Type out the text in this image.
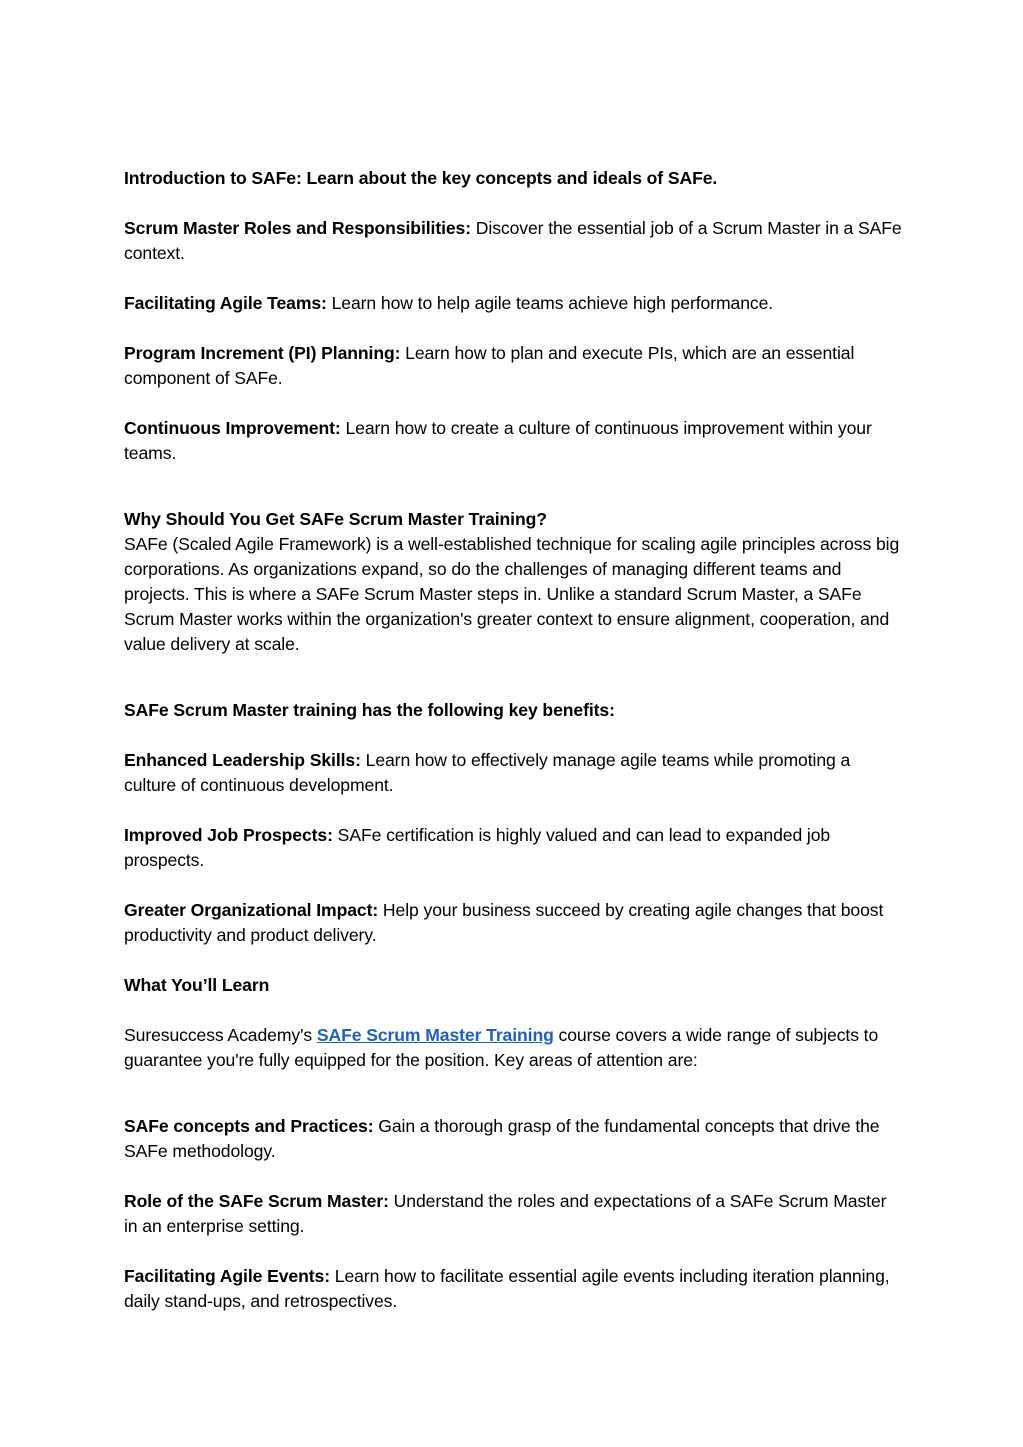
Introduction to SAFe: Learn about the key concepts and ideals of SAFe.

Scrum Master Roles and Responsibilities: Discover the essential job of a Scrum Master in a SAFe context.

Facilitating Agile Teams: Learn how to help agile teams achieve high performance.

Program Increment (PI) Planning: Learn how to plan and execute PIs, which are an essential component of SAFe.

Continuous Improvement: Learn how to create a culture of continuous improvement within your teams.

Why Should You Get SAFe Scrum Master Training?

SAFe (Scaled Agile Framework) is a well-established technique for scaling agile principles across big corporations. As organizations expand, so do the challenges of managing different teams and projects. This is where a SAFe Scrum Master steps in. Unlike a standard Scrum Master, a SAFe Scrum Master works within the organization's greater context to ensure alignment, cooperation, and value delivery at scale.

SAFe Scrum Master training has the following key benefits:

Enhanced Leadership Skills: Learn how to effectively manage agile teams while promoting a culture of continuous development.

Improved Job Prospects: SAFe certification is highly valued and can lead to expanded job prospects.

Greater Organizational Impact: Help your business succeed by creating agile changes that boost productivity and product delivery.

What You’ll Learn

Suresuccess Academy's SAFe Scrum Master Training course covers a wide range of subjects to guarantee you're fully equipped for the position. Key areas of attention are:

SAFe concepts and Practices: Gain a thorough grasp of the fundamental concepts that drive the SAFe methodology.

Role of the SAFe Scrum Master: Understand the roles and expectations of a SAFe Scrum Master in an enterprise setting.

Facilitating Agile Events: Learn how to facilitate essential agile events including iteration planning, daily stand-ups, and retrospectives.
